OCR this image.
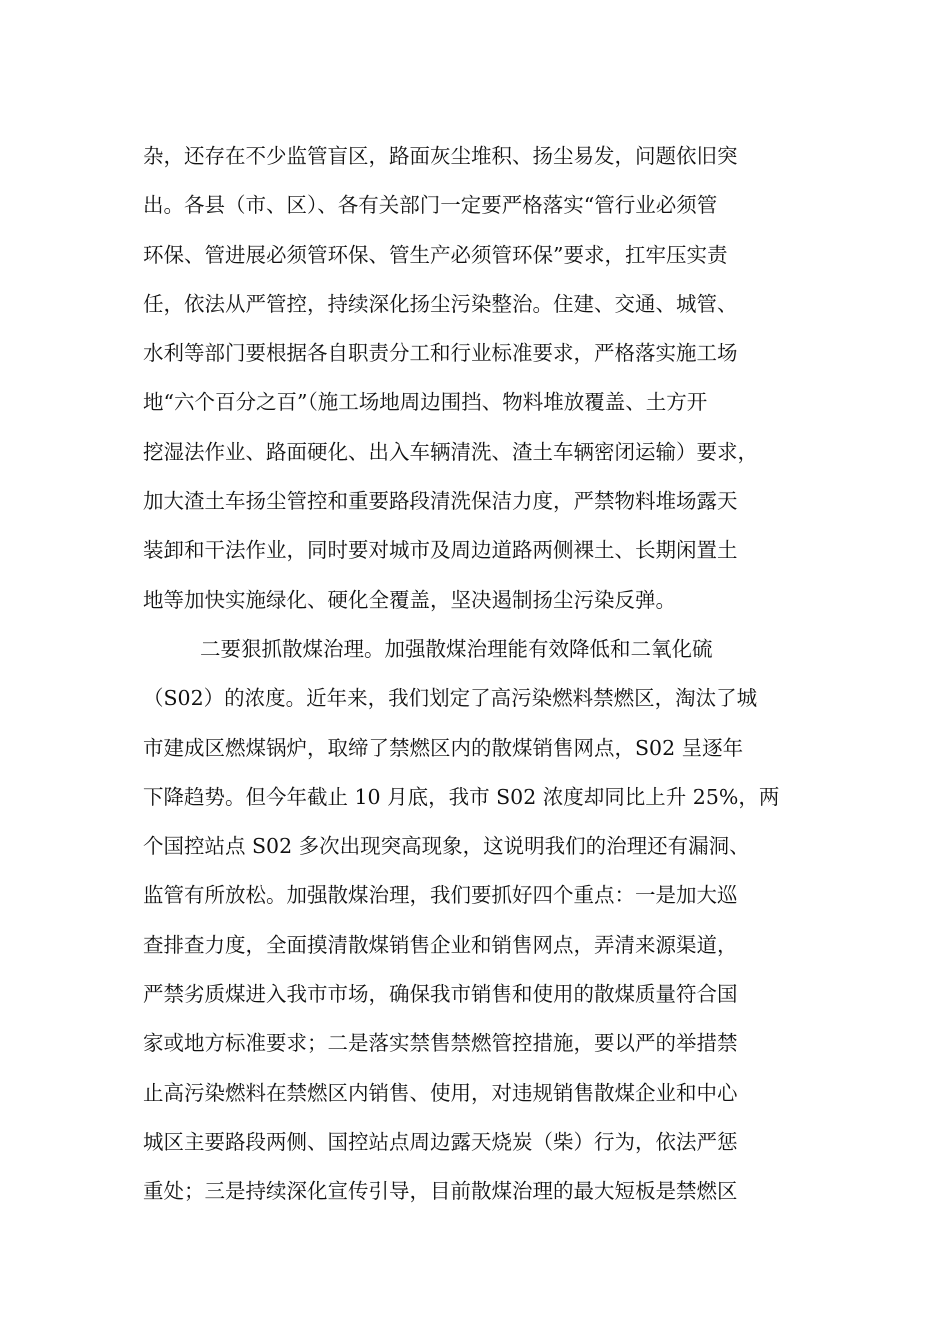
杂，还存在不少监管盲区，路面灰尘堆积、扬尘易发，问题依旧突
出。各县（市、区）、各有关部门一定要严格落实“管行业必须管
环保、管进展必须管环保、管生产必须管环保”要求，扛牢压实责
任，依法从严管控，持续深化扬尘污染整治。住建、交通、城管、
水利等部门要根据各自职责分工和行业标准要求，严格落实施工场
地“六个百分之百”（施工场地周边围挡、物料堆放覆盖、土方开
挖湿法作业、路面硬化、出入车辆清洗、渣土车辆密闭运输）要求，
加大渣土车扬尘管控和重要路段清洗保洁力度，严禁物料堆场露天
装卸和干法作业，同时要对城市及周边道路两侧裸土、长期闲置土
地等加快实施绿化、硬化全覆盖，坚决遏制扬尘污染反弹。
二要狠抓散煤治理。加强散煤治理能有效降低和二氧化硫
（S02）的浓度。近年来，我们划定了高污染燃料禁燃区，淘汰了城
市建成区燃煤锅炉，取缔了禁燃区内的散煤销售网点，S02 呈逐年
下降趋势。但今年截止 10 月底，我市 S02 浓度却同比上升 25%，两
个国控站点 S02 多次出现突高现象，这说明我们的治理还有漏洞、
监管有所放松。加强散煤治理，我们要抓好四个重点：一是加大巡
查排查力度，全面摸清散煤销售企业和销售网点，弄清来源渠道，
严禁劣质煤进入我市市场，确保我市销售和使用的散煤质量符合国
家或地方标准要求；二是落实禁售禁燃管控措施，要以严的举措禁
止高污染燃料在禁燃区内销售、使用，对违规销售散煤企业和中心
城区主要路段两侧、国控站点周边露天烧炭（柴）行为，依法严惩
重处；三是持续深化宣传引导，目前散煤治理的最大短板是禁燃区
